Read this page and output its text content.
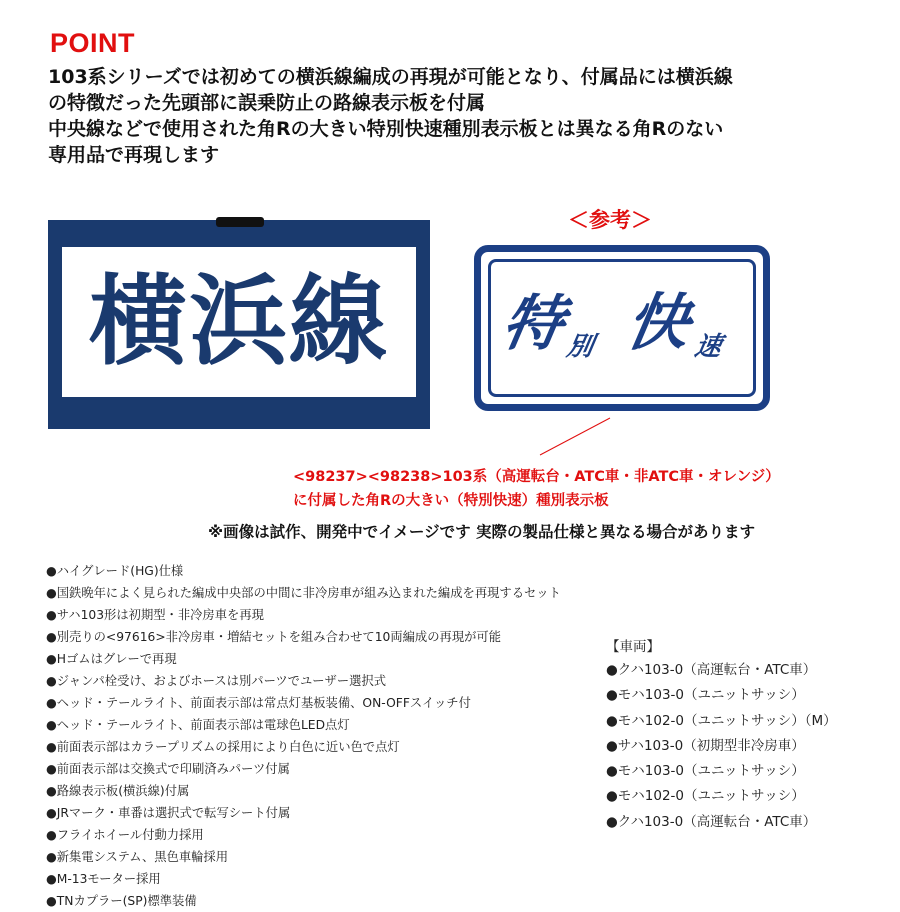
POINT
103系シリーズでは初めての横浜線編成の再現が可能となり、付属品には横浜線
の特徴だった先頭部に誤乗防止の路線表示板を付属
中央線などで使用された角Rの大きい特別快速種別表示板とは異なる角Rのない
専用品で再現します
横浜線
＜参考＞
特
別 快
速
<98237><98238>103系（高運転台・ATC車・非ATC車・オレンジ）
に付属した角Rの大きい（特別快速）種別表示板
※画像は試作、開発中でイメージです 実際の製品仕様と異なる場合があります
●ハイグレード(HG)仕様
●国鉄晩年によく見られた編成中央部の中間に非冷房車が組み込まれた編成を再現するセット
●サハ103形は初期型・非冷房車を再現
●別売りの<97616>非冷房車・増結セットを組み合わせて10両編成の再現が可能
●Hゴムはグレーで再現
●ジャンパ栓受け、およびホースは別パーツでユーザー選択式
●ヘッド・テールライト、前面表示部は常点灯基板装備、ON-OFFスイッチ付
●ヘッド・テールライト、前面表示部は電球色LED点灯
●前面表示部はカラープリズムの採用により白色に近い色で点灯
●前面表示部は交換式で印刷済みパーツ付属
●路線表示板(横浜線)付属
●JRマーク・車番は選択式で転写シート付属
●フライホイール付動力採用
●新集電システム、黒色車輪採用
●M-13モーター採用
●TNカプラー(SP)標準装備
【車両】
●クハ103-0（高運転台・ATC車）
●モハ103-0（ユニットサッシ）
●モハ102-0（ユニットサッシ）（M）
●サハ103-0（初期型非冷房車）
●モハ103-0（ユニットサッシ）
●モハ102-0（ユニットサッシ）
●クハ103-0（高運転台・ATC車）
